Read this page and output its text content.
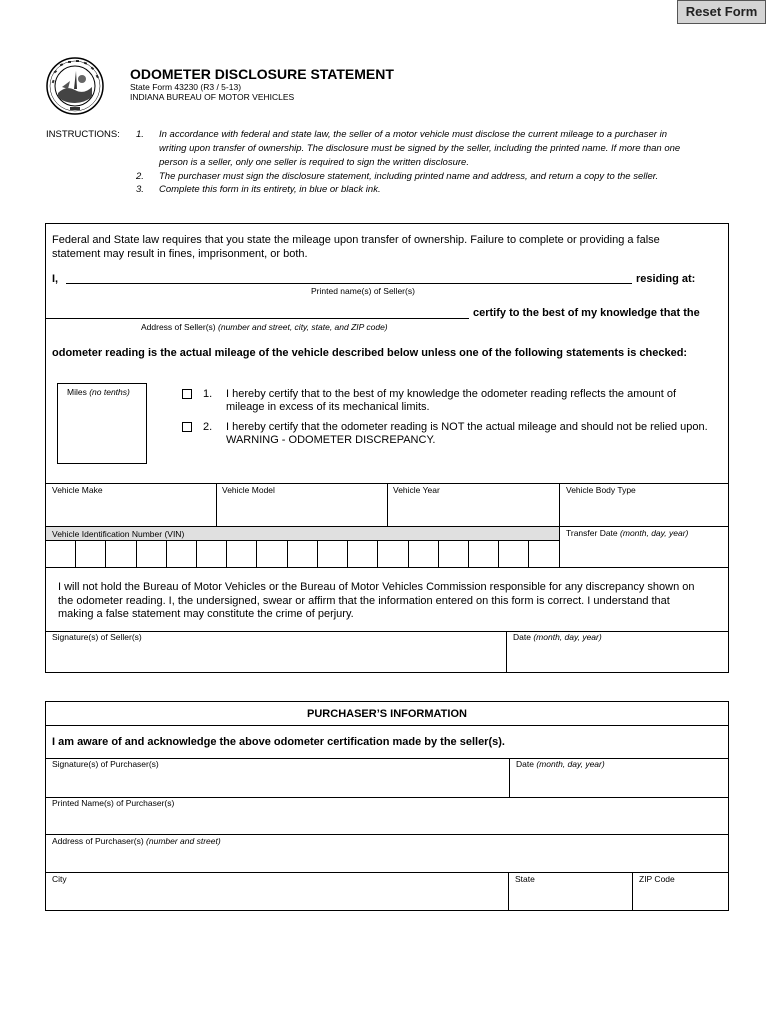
Reset Form
ODOMETER DISCLOSURE STATEMENT
State Form 43230 (R3 / 5-13)
INDIANA BUREAU OF MOTOR VEHICLES
INSTRUCTIONS: 1. In accordance with federal and state law, the seller of a motor vehicle must disclose the current mileage to a purchaser in
writing upon transfer of ownership. The disclosure must be signed by the seller, including the printed name. If more than one
person is a seller, only one seller is required to sign the written disclosure.
2. The purchaser must sign the disclosure statement, including printed name and address, and return a copy to the seller.
3. Complete this form in its entirety, in blue or black ink.
Federal and State law requires that you state the mileage upon transfer of ownership. Failure to complete or providing a false
statement may result in fines, imprisonment, or both.
I,	residing at:
Printed name(s) of Seller(s)
certify to the best of my knowledge that the
Address of Seller(s) (number and street, city, state, and ZIP code)
odometer reading is the actual mileage of the vehicle described below unless one of the following statements is checked:
Miles (no tenths)	1. I hereby certify that to the best of my knowledge the odometer reading reflects the amount of
mileage in excess of its mechanical limits.
2. I hereby certify that the odometer reading is NOT the actual mileage and should not be relied upon.
WARNING - ODOMETER DISCREPANCY.
Vehicle Make	Vehicle Model	Vehicle Year	Vehicle Body Type
Vehicle Identification Number (VIN)	Transfer Date (month, day, year)
I will not hold the Bureau of Motor Vehicles or the Bureau of Motor Vehicles Commission responsible for any discrepancy shown on
the odometer reading. I, the undersigned, swear or affirm that the information entered on this form is correct. I understand that
making a false statement may constitute the crime of perjury.
Signature(s) of Seller(s)	Date (month, day, year)
PURCHASER’S INFORMATION
I am aware of and acknowledge the above odometer certification made by the seller(s).
Signature(s) of Purchaser(s)	Date (month, day, year)
Printed Name(s) of Purchaser(s)
Address of Purchaser(s) (number and street)
City	State	ZIP Code
